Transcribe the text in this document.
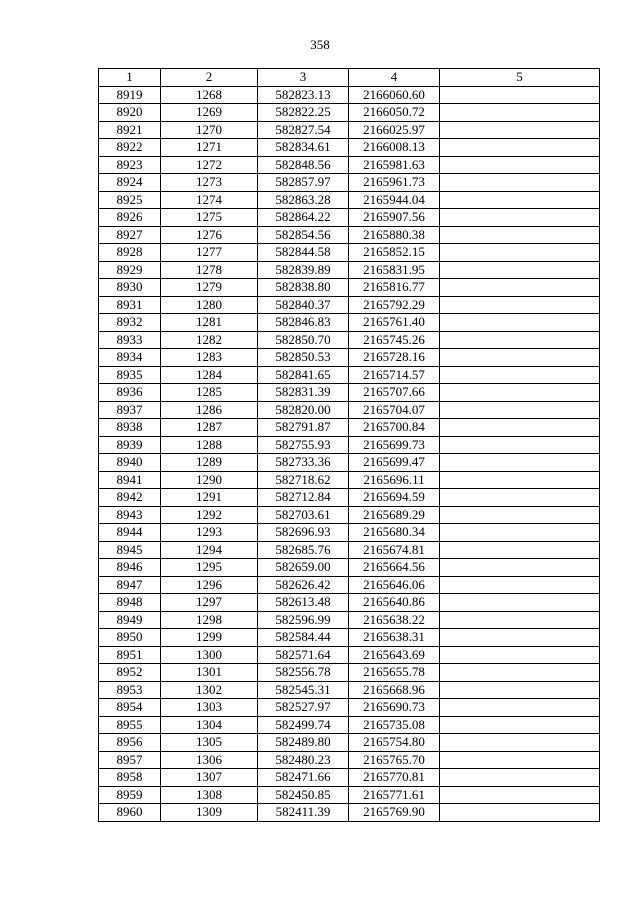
358
1	2	3	4	5
8919	1268	582823.13	2166060.60	
8920	1269	582822.25	2166050.72	
8921	1270	582827.54	2166025.97	
8922	1271	582834.61	2166008.13	
8923	1272	582848.56	2165981.63	
8924	1273	582857.97	2165961.73	
8925	1274	582863.28	2165944.04	
8926	1275	582864.22	2165907.56	
8927	1276	582854.56	2165880.38	
8928	1277	582844.58	2165852.15	
8929	1278	582839.89	2165831.95	
8930	1279	582838.80	2165816.77	
8931	1280	582840.37	2165792.29	
8932	1281	582846.83	2165761.40	
8933	1282	582850.70	2165745.26	
8934	1283	582850.53	2165728.16	
8935	1284	582841.65	2165714.57	
8936	1285	582831.39	2165707.66	
8937	1286	582820.00	2165704.07	
8938	1287	582791.87	2165700.84	
8939	1288	582755.93	2165699.73	
8940	1289	582733.36	2165699.47	
8941	1290	582718.62	2165696.11	
8942	1291	582712.84	2165694.59	
8943	1292	582703.61	2165689.29	
8944	1293	582696.93	2165680.34	
8945	1294	582685.76	2165674.81	
8946	1295	582659.00	2165664.56	
8947	1296	582626.42	2165646.06	
8948	1297	582613.48	2165640.86	
8949	1298	582596.99	2165638.22	
8950	1299	582584.44	2165638.31	
8951	1300	582571.64	2165643.69	
8952	1301	582556.78	2165655.78	
8953	1302	582545.31	2165668.96	
8954	1303	582527.97	2165690.73	
8955	1304	582499.74	2165735.08	
8956	1305	582489.80	2165754.80	
8957	1306	582480.23	2165765.70	
8958	1307	582471.66	2165770.81	
8959	1308	582450.85	2165771.61	
8960	1309	582411.39	2165769.90	
